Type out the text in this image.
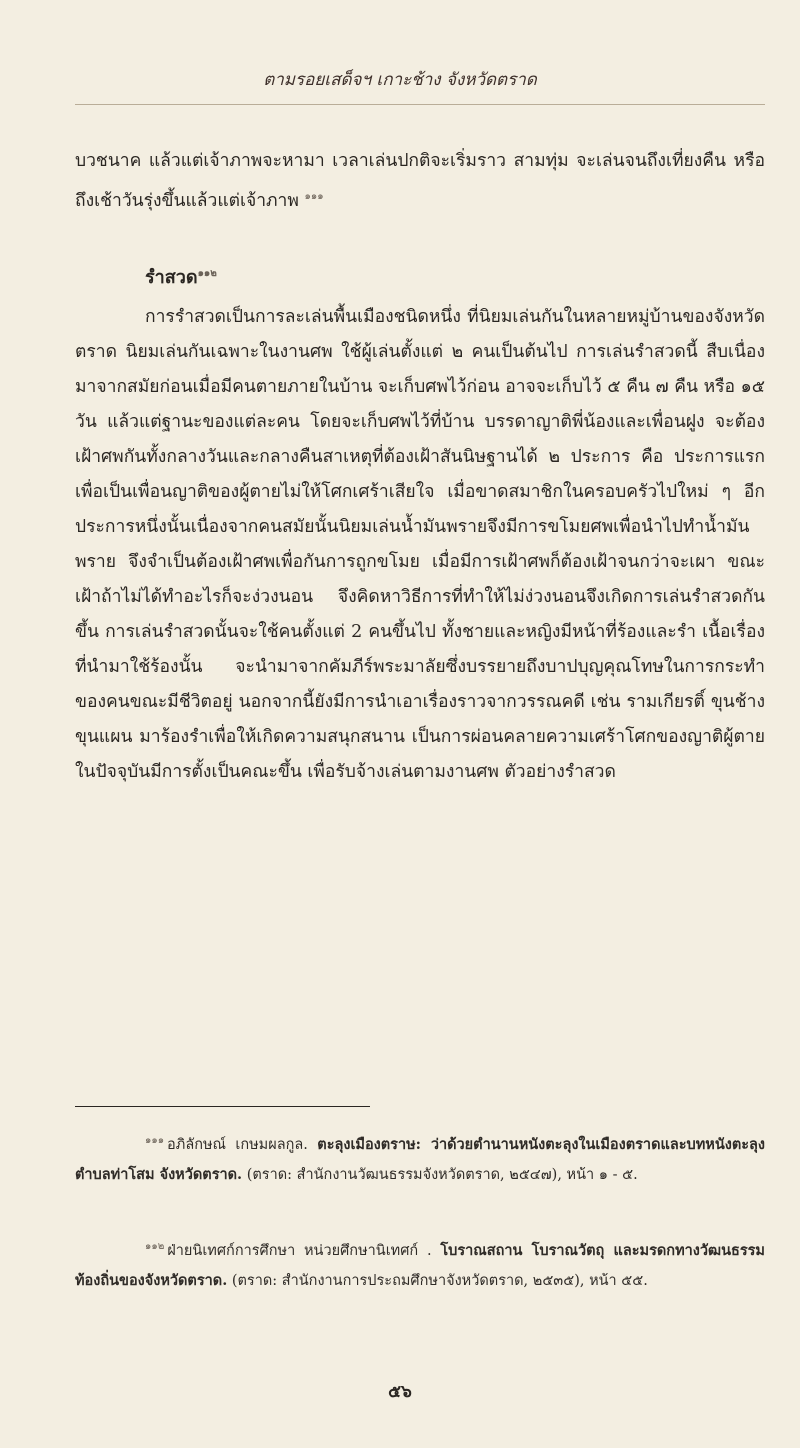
ตามรอยเสด็จฯ เกาะช้าง จังหวัดตราด

บวชนาค แล้วแต่เจ้าภาพจะหามา เวลาเล่นปกติจะเริ่มราว สามทุ่ม จะเล่นจนถึงเที่ยงคืน หรือถึงเช้าวันรุ่งขึ้นแล้วแต่เจ้าภาพ $^{๑๑๑}$

รำสวด$^{๑๑๒}$

การรำสวดเป็นการละเล่นพื้นเมืองชนิดหนึ่ง ที่นิยมเล่นกันในหลายหมู่บ้านของจังหวัดตราด นิยมเล่นกันเฉพาะในงานศพ ใช้ผู้เล่นตั้งแต่ ๒ คนเป็นต้นไป การเล่นรำสวดนี้ สืบเนื่องมาจากสมัยก่อนเมื่อมีคนตายภายในบ้าน จะเก็บศพไว้ก่อน อาจจะเก็บไว้ ๕ คืน ๗ คืน หรือ ๑๕ วัน แล้วแต่ฐานะของแต่ละคน โดยจะเก็บศพไว้ที่บ้าน บรรดาญาติพี่น้องและเพื่อนฝูง จะต้องเฝ้าศพกันทั้งกลางวันและกลางคืนสาเหตุที่ต้องเฝ้าสันนิษฐานได้ ๒ ประการ คือ ประการแรก เพื่อเป็นเพื่อนญาติของผู้ตายไม่ให้โศกเศร้าเสียใจ เมื่อขาดสมาชิกในครอบครัวไปใหม่ ๆ อีกประการหนึ่งนั้นเนื่องจากคนสมัยนั้นนิยมเล่นน้ำมันพรายจึงมีการขโมยศพเพื่อนำไปทำน้ำมันพราย จึงจำเป็นต้องเฝ้าศพเพื่อกันการถูกขโมย เมื่อมีการเฝ้าศพก็ต้องเฝ้าจนกว่าจะเผา ขณะเฝ้าถ้าไม่ได้ทำอะไรก็จะง่วงนอน จึงคิดหาวิธีการที่ทำให้ไม่ง่วงนอนจึงเกิดการเล่นรำสวดกันขึ้น การเล่นรำสวดนั้นจะใช้คนตั้งแต่ 2 คนขึ้นไป ทั้งชายและหญิงมีหน้าที่ร้องและรำ เนื้อเรื่องที่นำมาใช้ร้องนั้น จะนำมาจากคัมภีร์พระมาลัยซึ่งบรรยายถึงบาปบุญคุณโทษในการกระทำของคนขณะมีชีวิตอยู่ นอกจากนี้ยังมีการนำเอาเรื่องราวจากวรรณคดี เช่น รามเกียรติ์ ขุนช้างขุนแผน มาร้องรำเพื่อให้เกิดความสนุกสนาน เป็นการผ่อนคลายความเศร้าโศกของญาติผู้ตาย ในปัจจุบันมีการตั้งเป็นคณะขึ้น เพื่อรับจ้างเล่นตามงานศพ ตัวอย่างรำสวด

$^{๑๑๑}$ อภิลักษณ์ เกษมผลกูล. ตะลุงเมืองตราษ: ว่าด้วยตำนานหนังตะลุงในเมืองตราดและบทหนังตะลุงตำบลท่าโสม จังหวัดตราด. (ตราด: สำนักงานวัฒนธรรมจังหวัดตราด, ๒๕๔๗), หน้า ๑ - ๕.

$^{๑๑๒}$ ฝ่ายนิเทศก์การศึกษา หน่วยศึกษานิเทศก์ . โบราณสถาน โบราณวัตถุ และมรดกทางวัฒนธรรมท้องถิ่นของจังหวัดตราด. (ตราด: สำนักงานการประถมศึกษาจังหวัดตราด, ๒๕๓๕), หน้า ๕๕.

๕๖
